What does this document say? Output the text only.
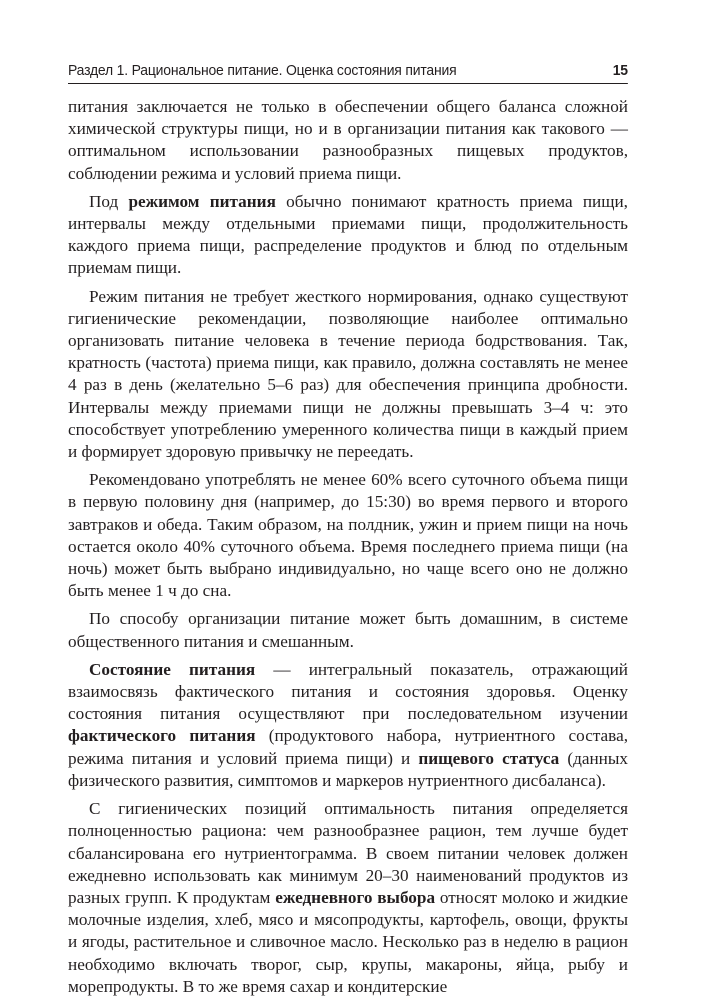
Раздел 1. Рациональное питание. Оценка состояния питания	15

питания заключается не только в обеспечении общего баланса сложной химической структуры пищи, но и в организации питания как такового — оптимальном использовании разнообразных пищевых продуктов, соблюдении режима и условий приема пищи.

Под режимом питания обычно понимают кратность приема пищи, интервалы между отдельными приемами пищи, продолжительность каждого приема пищи, распределение продуктов и блюд по отдельным приемам пищи.

Режим питания не требует жесткого нормирования, однако существуют гигиенические рекомендации, позволяющие наиболее оптимально организовать питание человека в течение периода бодрствования. Так, кратность (частота) приема пищи, как правило, должна составлять не менее 4 раз в день (желательно 5–6 раз) для обеспечения принципа дробности. Интервалы между приемами пищи не должны превышать 3–4 ч: это способствует употреблению умеренного количества пищи в каждый прием и формирует здоровую привычку не переедать.

Рекомендовано употреблять не менее 60% всего суточного объема пищи в первую половину дня (например, до 15:30) во время первого и второго завтраков и обеда. Таким образом, на полдник, ужин и прием пищи на ночь остается около 40% суточного объема. Время последнего приема пищи (на ночь) может быть выбрано индивидуально, но чаще всего оно не должно быть менее 1 ч до сна.

По способу организации питание может быть домашним, в системе общественного питания и смешанным.

Состояние питания — интегральный показатель, отражающий взаимосвязь фактического питания и состояния здоровья. Оценку состояния питания осуществляют при последовательном изучении фактического питания (продуктового набора, нутриентного состава, режима питания и условий приема пищи) и пищевого статуса (данных физического развития, симптомов и маркеров нутриентного дисбаланса).

С гигиенических позиций оптимальность питания определяется полноценностью рациона: чем разнообразнее рацион, тем лучше будет сбалансирована его нутриентограмма. В своем питании человек должен ежедневно использовать как минимум 20–30 наименований продуктов из разных групп. К продуктам ежедневного выбора относят молоко и жидкие молочные изделия, хлеб, мясо и мясопродукты, картофель, овощи, фрукты и ягоды, растительное и сливочное масло. Несколько раз в неделю в рацион необходимо включать творог, сыр, крупы, макароны, яйца, рыбу и морепродукты. В то же время сахар и кондитерские
